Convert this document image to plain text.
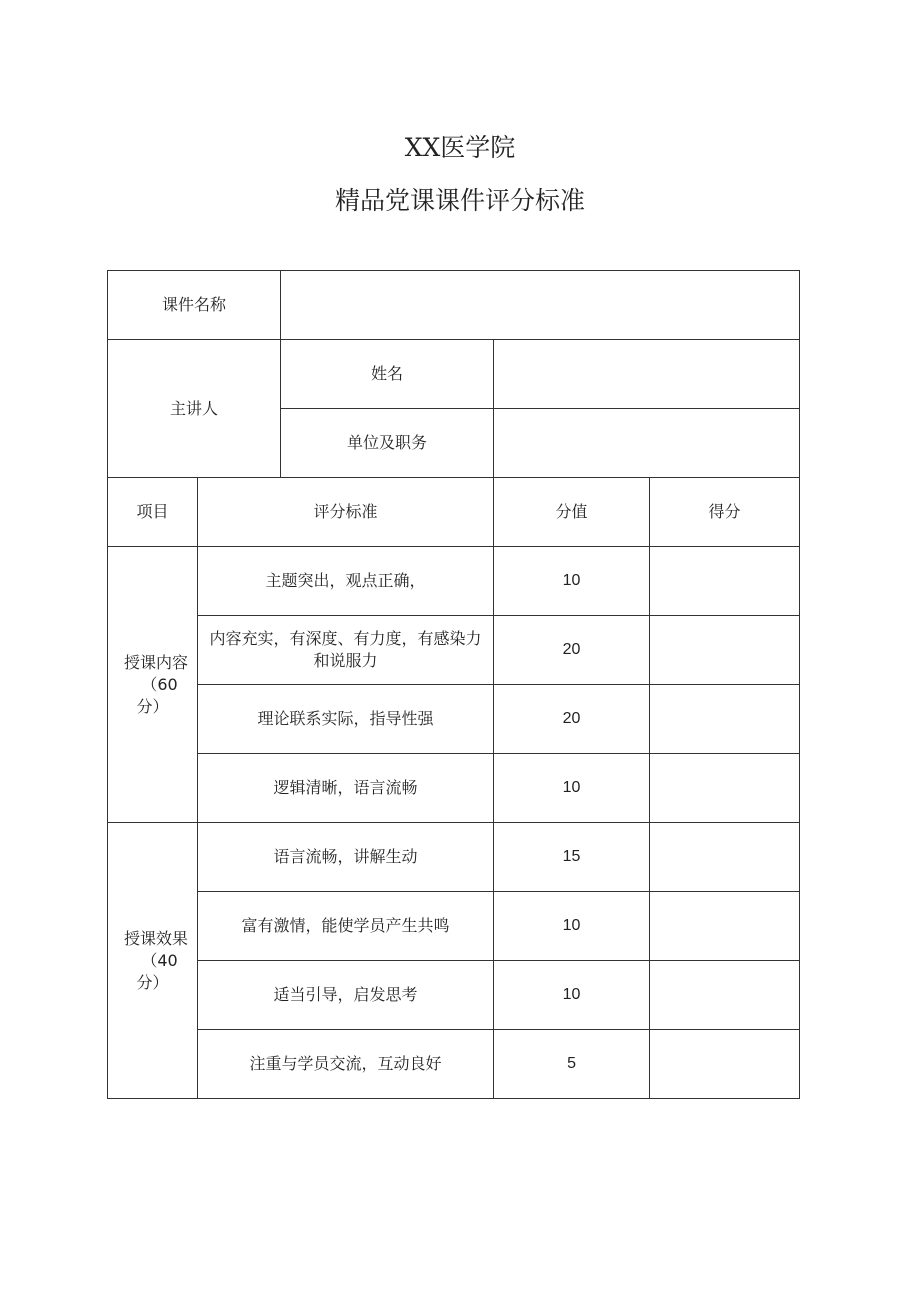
XX医学院
精品党课课件评分标准
课件名称				
主讲人		姓名		
		单位及职务		
项目	评分标准		分值	得分

授课内容
（60
分）	主题突出，观点正确，		10	
	内容充实，有深度、有力度，有感染力和说服力		20	
	理论联系实际，指导性强		20	
	逻辑清晰，语言流畅		10	

授课效果
（40
分）	语言流畅，讲解生动		15	
	富有激情，能使学员产生共鸣		10	
	适当引导，启发思考		10	
	注重与学员交流，互动良好		5	
